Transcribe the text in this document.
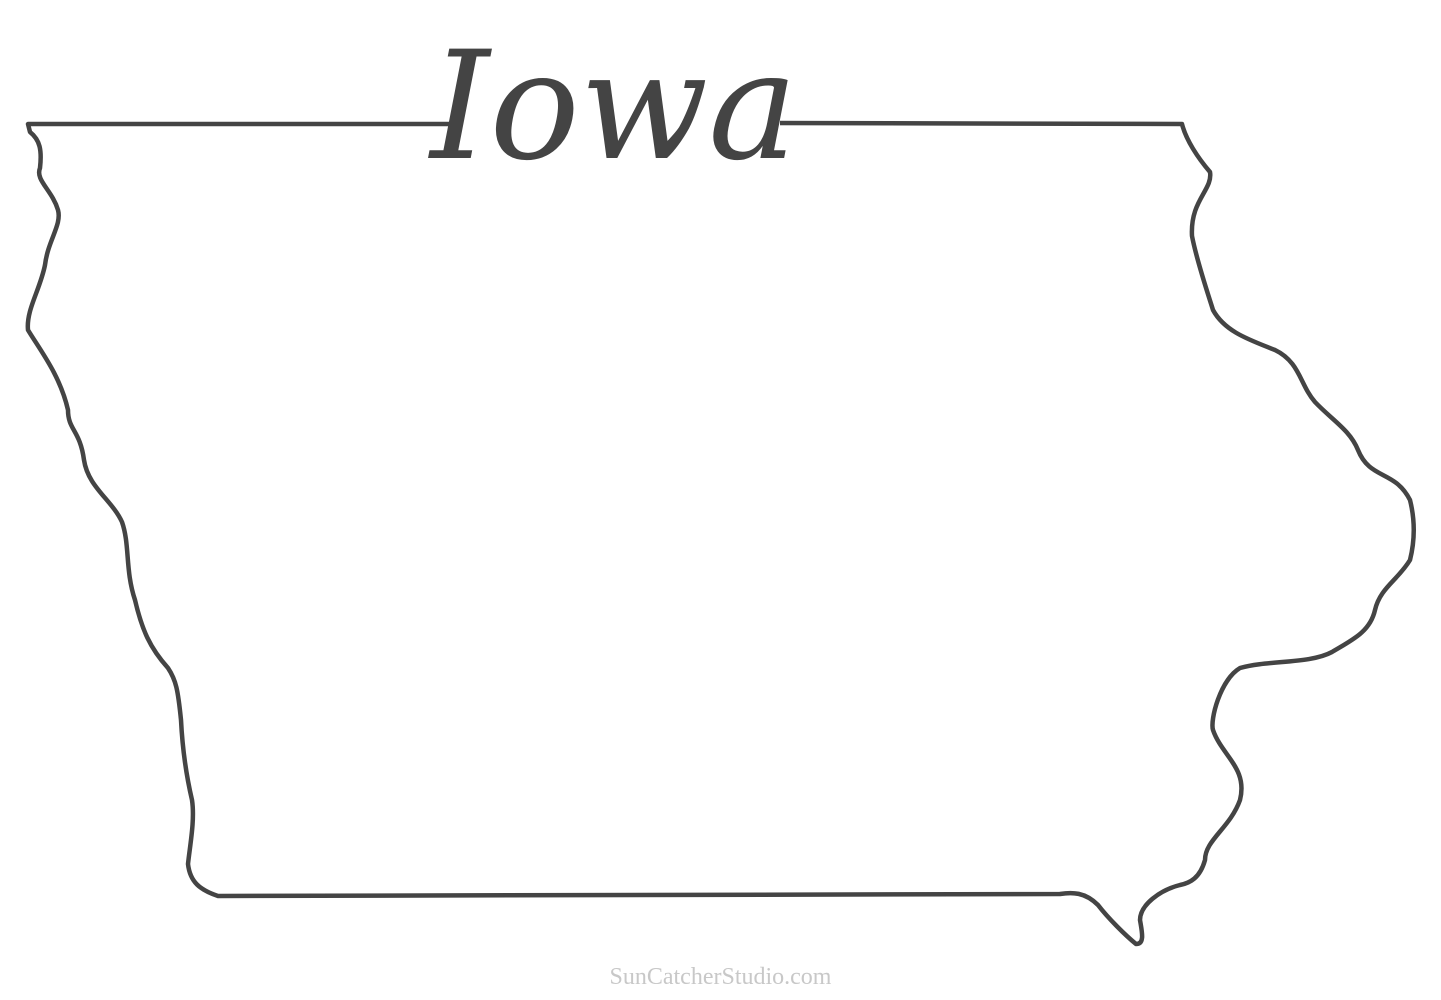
Iowa
SunCatcherStudio.com
